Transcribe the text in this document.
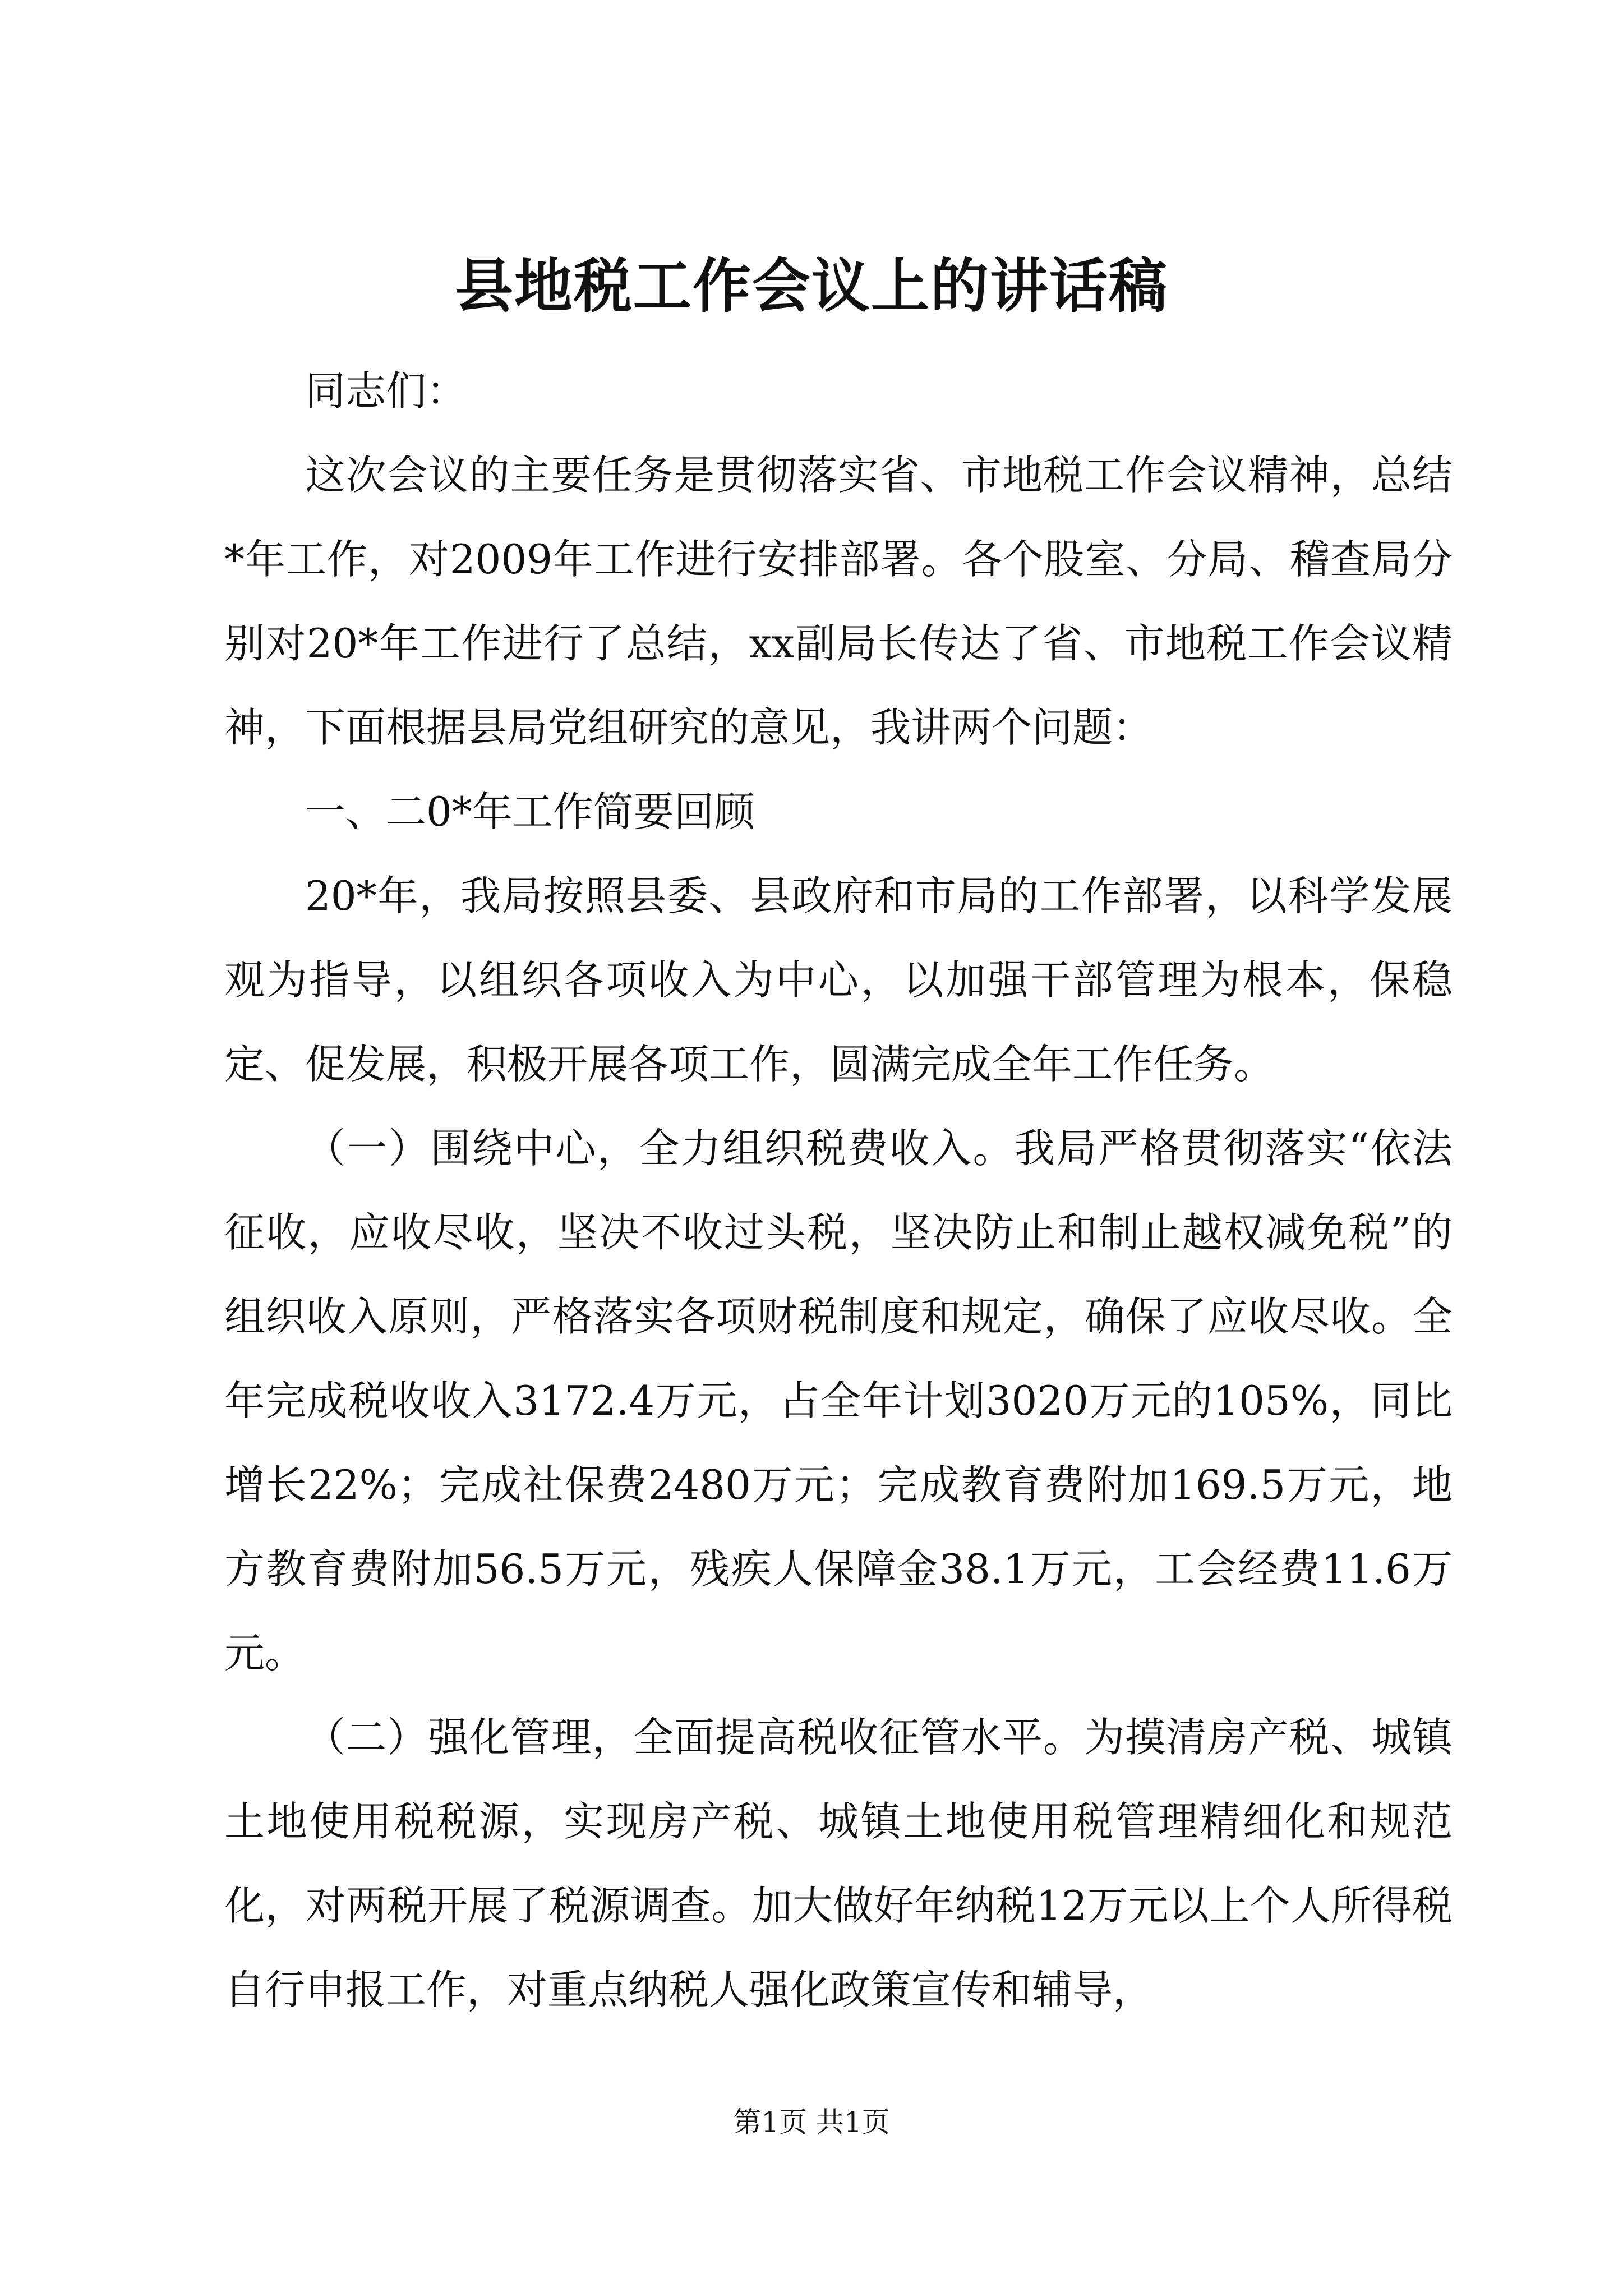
县地税工作会议上的讲话稿

同志们：

这次会议的主要任务是贯彻落实省、市地税工作会议精神，总结*年工作，对2009年工作进行安排部署。各个股室、分局、稽查局分别对20*年工作进行了总结，xx副局长传达了省、市地税工作会议精神，下面根据县局党组研究的意见，我讲两个问题：

一、二0*年工作简要回顾

20*年，我局按照县委、县政府和市局的工作部署，以科学发展观为指导，以组织各项收入为中心，以加强干部管理为根本，保稳定、促发展，积极开展各项工作，圆满完成全年工作任务。

（一）围绕中心，全力组织税费收入。我局严格贯彻落实“依法征收，应收尽收，坚决不收过头税，坚决防止和制止越权减免税”的组织收入原则，严格落实各项财税制度和规定，确保了应收尽收。全年完成税收收入3172.4万元，占全年计划3020万元的105%，同比增长22%；完成社保费2480万元；完成教育费附加169.5万元，地方教育费附加56.5万元，残疾人保障金38.1万元，工会经费11.6万元。

（二）强化管理，全面提高税收征管水平。为摸清房产税、城镇土地使用税税源，实现房产税、城镇土地使用税管理精细化和规范化，对两税开展了税源调查。加大做好年纳税12万元以上个人所得税自行申报工作，对重点纳税人强化政策宣传和辅导，

第1页 共1页
